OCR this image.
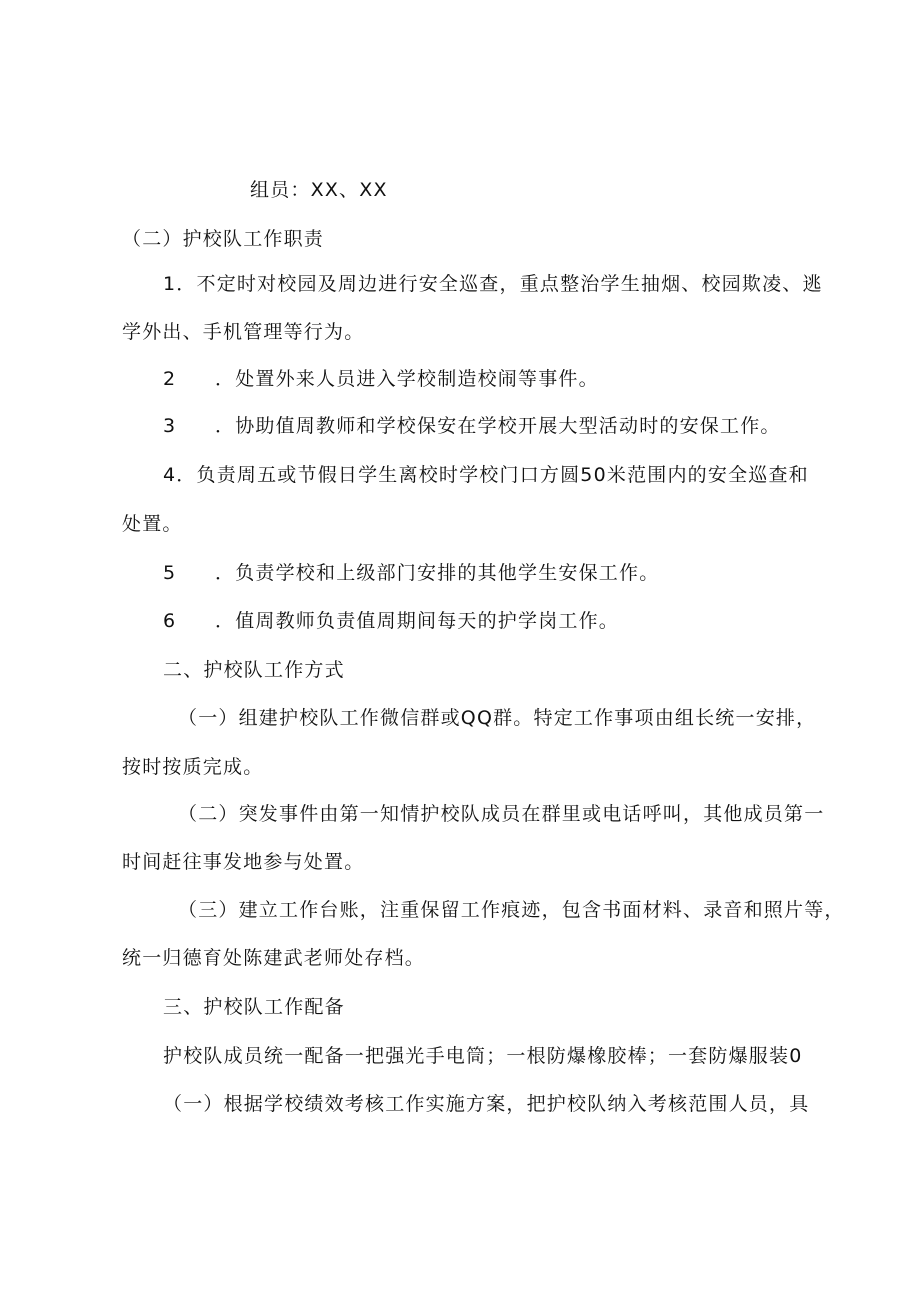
组员：XX、XX
（二）护校队工作职责
1．不定时对校园及周边进行安全巡查，重点整治学生抽烟、校园欺凌、逃
学外出、手机管理等行为。
2 ．处置外来人员进入学校制造校闹等事件。
3 ．协助值周教师和学校保安在学校开展大型活动时的安保工作。
4．负责周五或节假日学生离校时学校门口方圆50米范围内的安全巡查和
处置。
5 ．负责学校和上级部门安排的其他学生安保工作。
6 ．值周教师负责值周期间每天的护学岗工作。
二、护校队工作方式
（一）组建护校队工作微信群或QQ群。特定工作事项由组长统一安排，
按时按质完成。
（二）突发事件由第一知情护校队成员在群里或电话呼叫，其他成员第一
时间赶往事发地参与处置。
（三）建立工作台账，注重保留工作痕迹，包含书面材料、录音和照片等，
统一归德育处陈建武老师处存档。
三、护校队工作配备
护校队成员统一配备一把强光手电筒；一根防爆橡胶棒；一套防爆服装0
（一）根据学校绩效考核工作实施方案，把护校队纳入考核范围人员，具
